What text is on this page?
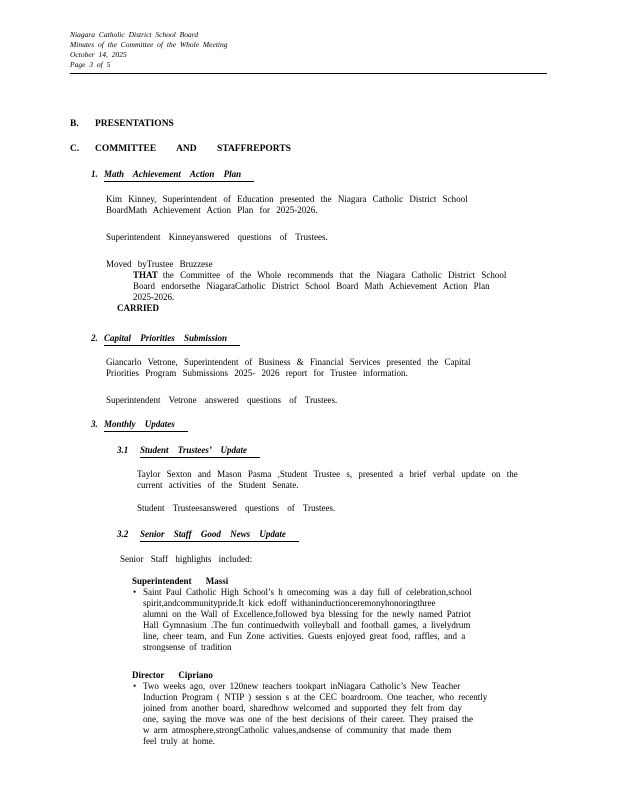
Niagara Catholic District School Board
Minutes of the Committee of the Whole Meeting
October 14, 2025
Page 3 of 5
B.	PRESENTATIONS
C.	COMMITTEE AND STAFFREPORTS
1. Math Achievement Action Plan
Kim Kinney, Superintendent of Education presented the Niagara Catholic District School
BoardMath Achievement Action Plan for 2025-2026.
Superintendent Kinneyanswered questions of Trustees.
Moved byTrustee Bruzzese
THAT the Committee of the Whole recommends that the Niagara Catholic District School
Board endorsethe NiagaraCatholic District School Board Math Achievement Action Plan
2025-2026.
CARRIED
2. Capital Priorities Submission
Giancarlo Vetrone, Superintendent of Business & Financial Services presented the Capital
Priorities Program Submissions 2025- 2026 report for Trustee information.
Superintendent Vetrone answered questions of Trustees.
3. Monthly Updates
3.1	Student Trustees’ Update
Taylor Sexton and Mason Pasma ,Student Trustee s, presented a brief verbal update on the
current activities of the Student Senate.
Student Trusteesanswered questions of Trustees.
3.2	Senior Staff Good News Update
Senior Staff highlights included:
Superintendent Massi
• Saint Paul Catholic High School’s h omecoming was a day full of celebration,school
spirit,andcommunitypride.It kick edoff withaninductionceremonyhonoringthree
alumni on the Wall of Excellence,followed bya blessing for the newly named Patriot
Hall Gymnasium .The fun continuedwith volleyball and football games, a livelydrum
line, cheer team, and Fun Zone activities. Guests enjoyed great food, raffles, and a
strongsense of tradition
Director Cipriano
• Two weeks ago, over 120new teachers tookpart inNiagara Catholic’s New Teacher
Induction Program ( NTIP ) session s at the CEC boardroom. One teacher, who recently
joined from another board, sharedhow welcomed and supported they felt from day
one, saying the move was one of the best decisions of their career. They praised the
w arm atmosphere,strongCatholic values,andsense of community that made them
feel truly at home.
